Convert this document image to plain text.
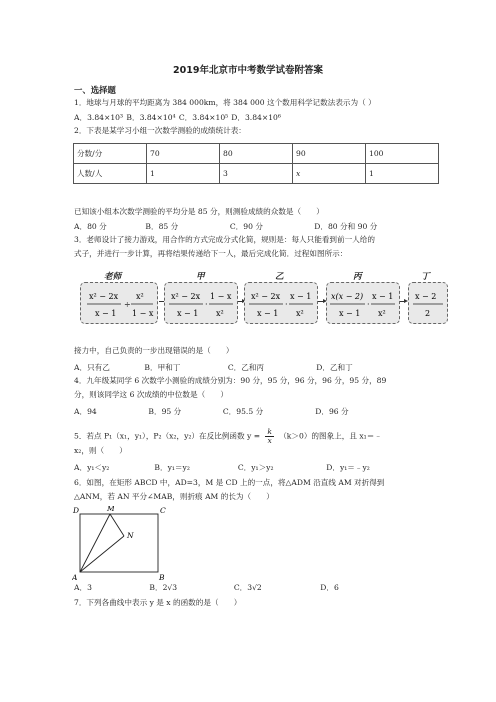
2019年北京市中考数学试卷附答案
一、选择题
1．地球与月球的平均距离为 384 000km，将 384 000 这个数用科学记数法表示为（ ）
A．3.84×10³ B．3.84×10⁴ C．3.84×10⁵ D．3.84×10⁶
2．下表是某学习小组一次数学测验的成绩统计表：
分数/分	70	80	90	100
人数/人	1	3	x	1
已知该小组本次数学测验的平均分是 85 分，则测验成绩的众数是（　　）
A．80 分	B．85 分	C．90 分	D．80 分和 90 分
3．老师设计了接力游戏，用合作的方式完成分式化简，规则是：每人只能看到前一人给的
式子，并进行一步计算，再将结果传递给下一人，最后完成化简．过程如图所示：
老师	甲	乙	丙	丁
x² − 2x
x − 1
÷
x²
1 − x
x² − 2x
x − 1
·
1 − x
x²
x² − 2x
x − 1
·
x − 1
x²
x(x − 2)
x − 1
·
x − 1
x²
x − 2
2
接力中，自己负责的一步出现错误的是（　　）
A．只有乙	B．甲和丁	C．乙和丙	D．乙和丁
4．九年级某同学 6 次数学小测验的成绩分别为：90 分，95 分，96 分，96 分，95 分，89
分，则该同学这 6 次成绩的中位数是（　　）
A．94	B．95 分	C．95.5 分	D．96 分
5．若点 P₁（x₁，y₁），P₂（x₂，y₂）在反比例函数 y = k
x （k＞0）的图象上，且 x₁＝﹣
x₂，则（　　）
A．y₁＜y₂	B．y₁＝y₂	C．y₁＞y₂	D．y₁＝﹣y₂
6．如图，在矩形 ABCD 中，AD=3，M 是 CD 上的一点，将△ADM 沿直线 AM 对折得到
△ANM，若 AN 平分∠MAB，则折痕 AM 的长为（　　）
D	M	C
N
A	B
A．3	B．2√3	C．3√2	D．6
7．下列各曲线中表示 y 是 x 的函数的是（　　）
